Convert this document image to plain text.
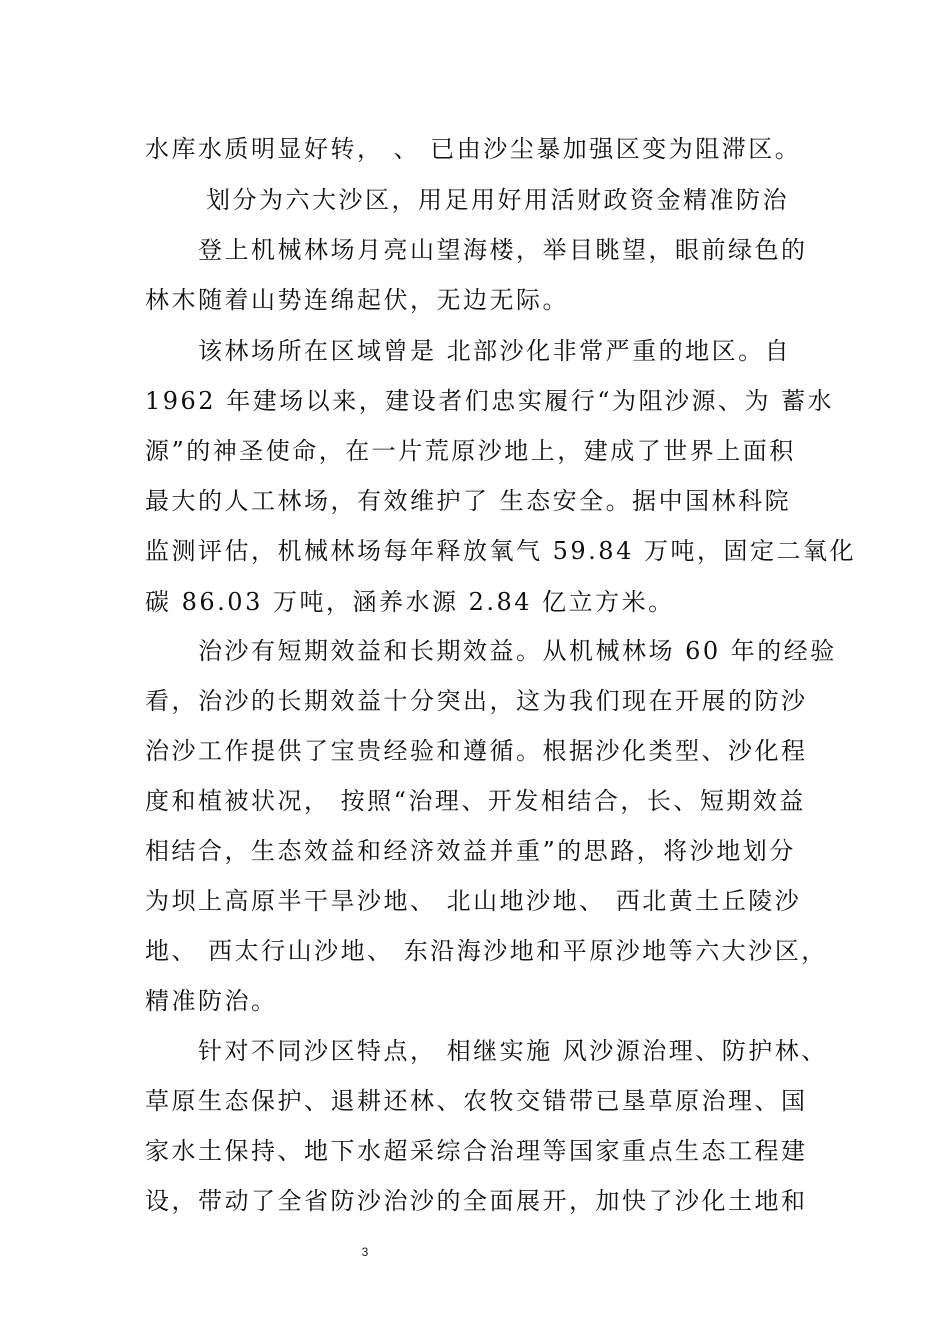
水库水质明显好转， 、 已由沙尘暴加强区变为阻滞区。
划分为六大沙区，用足用好用活财政资金精准防治
登上机械林场月亮山望海楼，举目眺望，眼前绿色的
林木随着山势连绵起伏，无边无际。
该林场所在区域曾是 北部沙化非常严重的地区。自
1962 年建场以来，建设者们忠实履行“为阻沙源、为 蓄水
源”的神圣使命，在一片荒原沙地上，建成了世界上面积
最大的人工林场，有效维护了 生态安全。据中国林科院
监测评估，机械林场每年释放氧气 59.84 万吨，固定二氧化
碳 86.03 万吨，涵养水源 2.84 亿立方米。
治沙有短期效益和长期效益。从机械林场 60 年的经验
看，治沙的长期效益十分突出，这为我们现在开展的防沙
治沙工作提供了宝贵经验和遵循。根据沙化类型、沙化程
度和植被状况， 按照“治理、开发相结合，长、短期效益
相结合，生态效益和经济效益并重”的思路，将沙地划分
为坝上高原半干旱沙地、 北山地沙地、 西北黄土丘陵沙
地、 西太行山沙地、 东沿海沙地和平原沙地等六大沙区，
精准防治。
针对不同沙区特点， 相继实施 风沙源治理、防护林、
草原生态保护、退耕还林、农牧交错带已垦草原治理、国
家水土保持、地下水超采综合治理等国家重点生态工程建
设，带动了全省防沙治沙的全面展开，加快了沙化土地和
3
